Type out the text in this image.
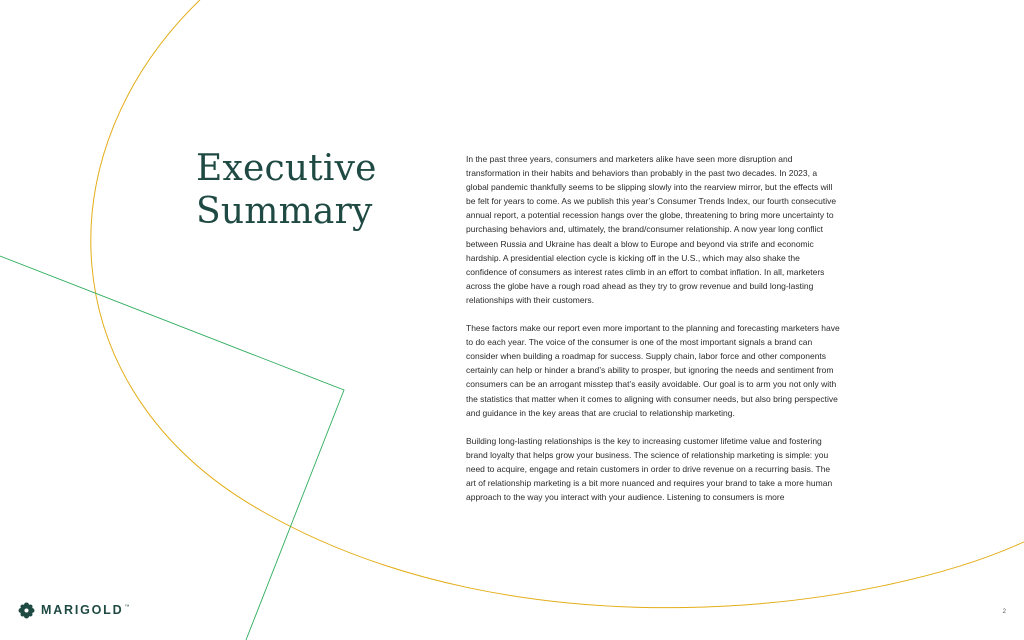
Executive
Summary

In the past three years, consumers and marketers alike have seen more disruption and transformation in their habits and behaviors than probably in the past two decades. In 2023, a global pandemic thankfully seems to be slipping slowly into the rearview mirror, but the effects will be felt for years to come. As we publish this year’s Consumer Trends Index, our fourth consecutive annual report, a potential recession hangs over the globe, threatening to bring more uncertainty to purchasing behaviors and, ultimately, the brand/consumer relationship. A now year long conflict between Russia and Ukraine has dealt a blow to Europe and beyond via strife and economic hardship. A presidential election cycle is kicking off in the U.S., which may also shake the confidence of consumers as interest rates climb in an effort to combat inflation. In all, marketers across the globe have a rough road ahead as they try to grow revenue and build long-lasting relationships with their customers.

These factors make our report even more important to the planning and forecasting marketers have to do each year. The voice of the consumer is one of the most important signals a brand can consider when building a roadmap for success. Supply chain, labor force and other components certainly can help or hinder a brand’s ability to prosper, but ignoring the needs and sentiment from consumers can be an arrogant misstep that’s easily avoidable. Our goal is to arm you not only with the statistics that matter when it comes to aligning with consumer needs, but also bring perspective and guidance in the key areas that are crucial to relationship marketing.

Building long-lasting relationships is the key to increasing customer lifetime value and fostering brand loyalty that helps grow your business. The science of relationship marketing is simple: you need to acquire, engage and retain customers in order to drive revenue on a recurring basis. The art of relationship marketing is a bit more nuanced and requires your brand to take a more human approach to the way you interact with your audience. Listening to consumers is more

MARIGOLD ™
2
